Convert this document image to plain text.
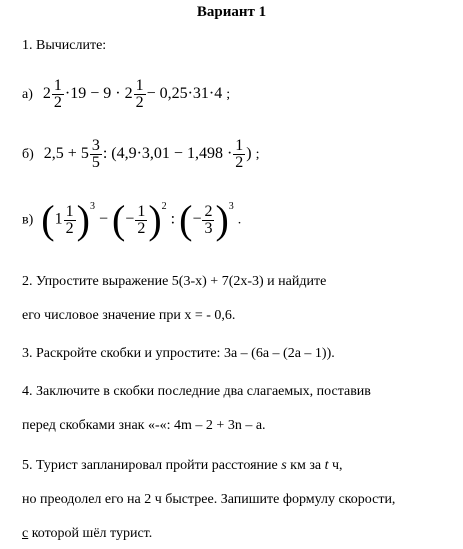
Вариант 1
1. Вычислите:
а) $2 \frac{1}{2} \cdot 19 - 9 \cdot 2 \frac{1}{2} - 0,25\cdot 31\cdot 4$ ;
б) $2,5 + 5 \frac{3}{5}$ : ($4,9\cdot 3,01 - 1,498 \cdot \frac{1}{2}$ ) ;
в) $(1 \frac{1}{2} )^3$ − (− $\frac{1}{2} )^2$ : (− $\frac{2}{3} )^3$ .
2. Упростите выражение 5(3-х) + 7(2х-3) и найдите
его числовое значение при х = - 0,6.
3. Раскройте скобки и упростите: 3а – (6а – (2а – 1)).
4. Заключите в скобки последние два слагаемых, поставив
перед скобками знак «-«: 4m – 2 + 3n – a.
5. Турист запланировал пройти расстояние s км за t ч,
но преодолел его на 2 ч быстрее. Запишите формулу скорости,
с которой шёл турист.
